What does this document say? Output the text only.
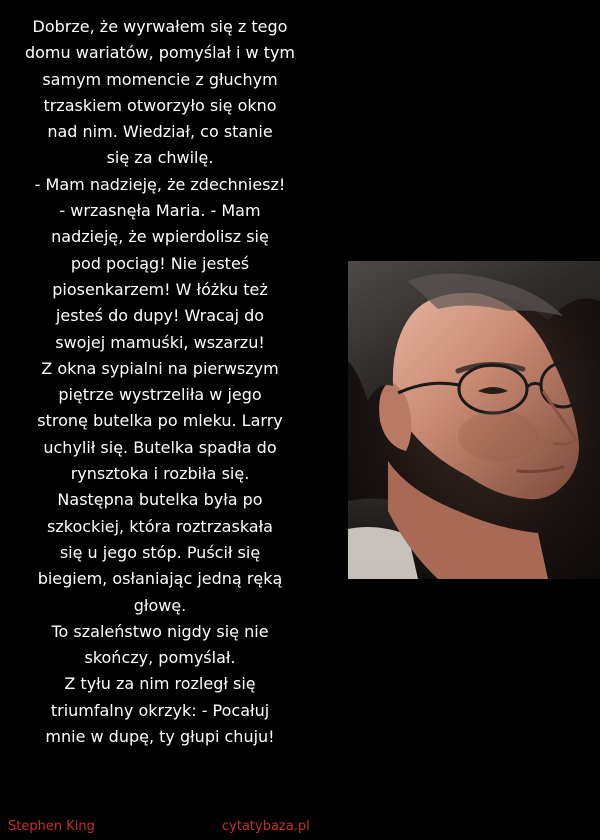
Dobrze, że wyrwałem się z tego
domu wariatów, pomyślał i w tym
samym momencie z głuchym
trzaskiem otworzyło się okno
nad nim. Wiedział, co stanie
się za chwilę.
- Mam nadzieję, że zdechniesz!
- wrzasnęła Maria. - Mam
nadzieję, że wpierdolisz się
pod pociąg! Nie jesteś
piosenkarzem! W łóżku też
jesteś do dupy! Wracaj do
swojej mamuśki, wszarzu!
Z okna sypialni na pierwszym
piętrze wystrzeliła w jego
stronę butelka po mleku. Larry
uchylił się. Butelka spadła do
rynsztoka i rozbiła się.
Następna butelka była po
szkockiej, która roztrzaskała
się u jego stóp. Puścił się
biegiem, osłaniając jedną ręką
głowę.
To szaleństwo nigdy się nie
skończy, pomyślał.
Z tyłu za nim rozległ się
triumfalny okrzyk: - Pocałuj
mnie w dupę, ty głupi chuju!
Stephen King	cytatybaza.pl
